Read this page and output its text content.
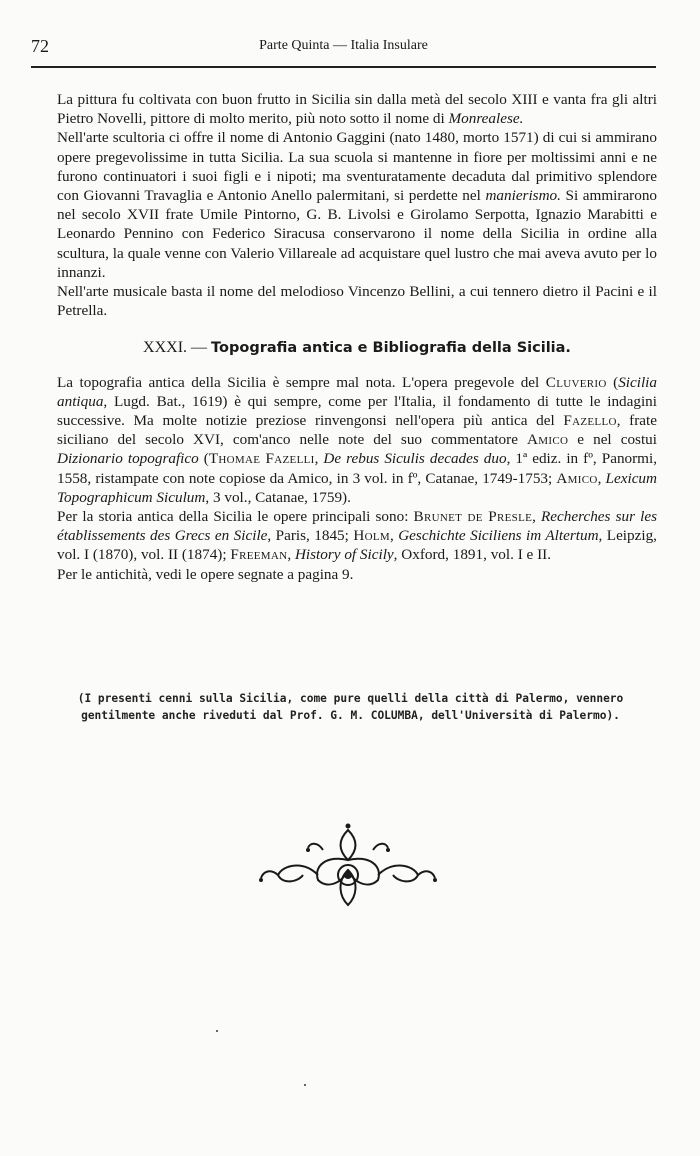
72	Parte Quinta — Italia Insulare

La pittura fu coltivata con buon frutto in Sicilia sin dalla metà del secolo XIII e vanta fra gli altri Pietro Novelli, pittore di molto merito, più noto sotto il nome di Monrealese.

Nell'arte scultoria ci offre il nome di Antonio Gaggini (nato 1480, morto 1571) di cui si ammirano opere pregevolissime in tutta Sicilia. La sua scuola si mantenne in fiore per moltissimi anni e ne furono continuatori i suoi figli e i nipoti; ma sventuratamente decaduta dal primitivo splendore con Giovanni Travaglia e Antonio Anello palermitani, si perdette nel manierismo. Si ammirarono nel secolo XVII frate Umile Pintorno, G. B. Livolsi e Girolamo Serpotta, Ignazio Marabitti e Leonardo Pennino con Federico Siracusa conservarono il nome della Sicilia in ordine alla scultura, la quale venne con Valerio Villareale ad acquistare quel lustro che mai aveva avuto per lo innanzi.

Nell'arte musicale basta il nome del melodioso Vincenzo Bellini, a cui tennero dietro il Pacini e il Petrella.

XXXI. — Topografia antica e Bibliografia della Sicilia.

La topografia antica della Sicilia è sempre mal nota. L'opera pregevole del Cluverio (Sicilia antiqua, Lugd. Bat., 1619) è qui sempre, come per l'Italia, il fondamento di tutte le indagini successive. Ma molte notizie preziose rinvengonsi nell'opera più antica del Fazello, frate siciliano del secolo XVI, com'anco nelle note del suo commentatore Amico e nel costui Dizionario topografico (Thomae Fazelli, De rebus Siculis decades duo, 1ª ediz. in fº, Panormi, 1558, ristampate con note copiose da Amico, in 3 vol. in fº, Catanae, 1749-1753; Amico, Lexicum Topographicum Siculum, 3 vol., Catanae, 1759).

Per la storia antica della Sicilia le opere principali sono: Brunet de Presle, Recherches sur les établissements des Grecs en Sicile, Paris, 1845; Holm, Geschichte Siciliens im Altertum, Leipzig, vol. I (1870), vol. II (1874); Freeman, History of Sicily, Oxford, 1891, vol. I e II.

Per le antichità, vedi le opere segnate a pagina 9.

(I presenti cenni sulla Sicilia, come pure quelli della città di Palermo, vennero gentilmente anche riveduti dal Prof. G. M. COLUMBA, dell'Università di Palermo).
